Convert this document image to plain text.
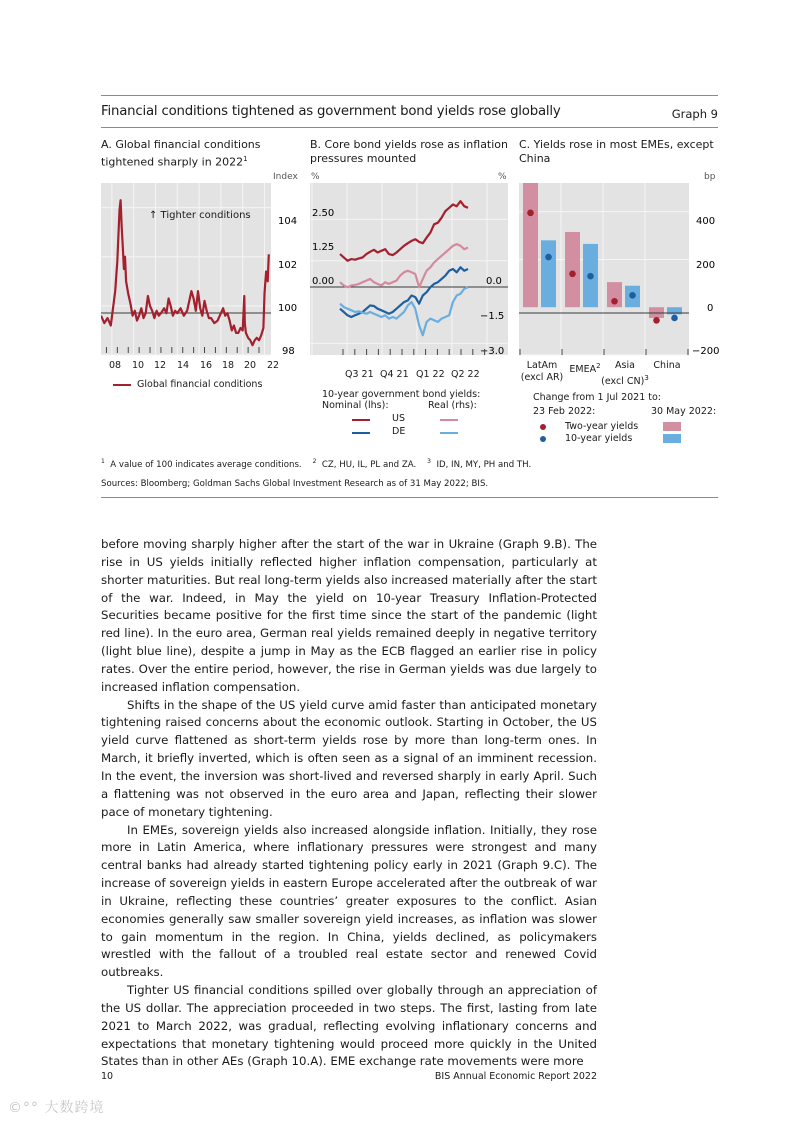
Financial conditions tightened as government bond yields rose globally	Graph 9
A. Global financial conditions
tightened sharply in 2022$^1$
B. Core bond yields rose as inflation
pressures mounted
C. Yields rose in most EMEs, except
China
Index %	%	bp
↑ Tighter conditions
104
102
100
98
08 10 12 14 16 18 20 22
Global financial conditions
2.50
1.25
0.00	0.0
−1.5
−3.0
Q3 21 Q4 21 Q1 22 Q2 22
10-year government bond yields:
Nominal (lhs):	Real (rhs):
US
DE
400
200
0
−200
LatAm
(excl AR)
EMEA$^2$	Asia
(excl CN)$^3$
China
Change from 1 Jul 2021 to:
23 Feb 2022:	30 May 2022:
Two-year yields
10-year yields
$^1$ A value of 100 indicates average conditions. $^2$ CZ, HU, IL, PL and ZA. $^3$ ID, IN, MY, PH and TH.
Sources: Bloomberg; Goldman Sachs Global Investment Research as of 31 May 2022; BIS.

before moving sharply higher after the start of the war in Ukraine (Graph 9.B). The rise in US yields initially reflected higher inflation compensation, particularly at shorter maturities. But real long-term yields also increased materially after the start of the war. Indeed, in May the yield on 10-year Treasury Inflation-Protected Securities became positive for the first time since the start of the pandemic (light red line). In the euro area, German real yields remained deeply in negative territory (light blue line), despite a jump in May as the ECB flagged an earlier rise in policy rates. Over the entire period, however, the rise in German yields was due largely to increased inflation compensation.

Shifts in the shape of the US yield curve amid faster than anticipated monetary tightening raised concerns about the economic outlook. Starting in October, the US yield curve flattened as short-term yields rose by more than long-term ones. In March, it briefly inverted, which is often seen as a signal of an imminent recession. In the event, the inversion was short-lived and reversed sharply in early April. Such a flattening was not observed in the euro area and Japan, reflecting their slower pace of monetary tightening.

In EMEs, sovereign yields also increased alongside inflation. Initially, they rose more in Latin America, where inflationary pressures were strongest and many central banks had already started tightening policy early in 2021 (Graph 9.C). The increase of sovereign yields in eastern Europe accelerated after the outbreak of war in Ukraine, reflecting these countries’ greater exposures to the conflict. Asian economies generally saw smaller sovereign yield increases, as inflation was slower to gain momentum in the region. In China, yields declined, as policymakers wrestled with the fallout of a troubled real estate sector and renewed Covid outbreaks.

Tighter US financial conditions spilled over globally through an appreciation of the US dollar. The appreciation proceeded in two steps. The first, lasting from late 2021 to March 2022, was gradual, reflecting evolving inflationary concerns and expectations that monetary tightening would proceed more quickly in the United States than in other AEs (Graph 10.A). EME exchange rate movements were more

10	BIS Annual Economic Report 2022
©°° 大数跨境
